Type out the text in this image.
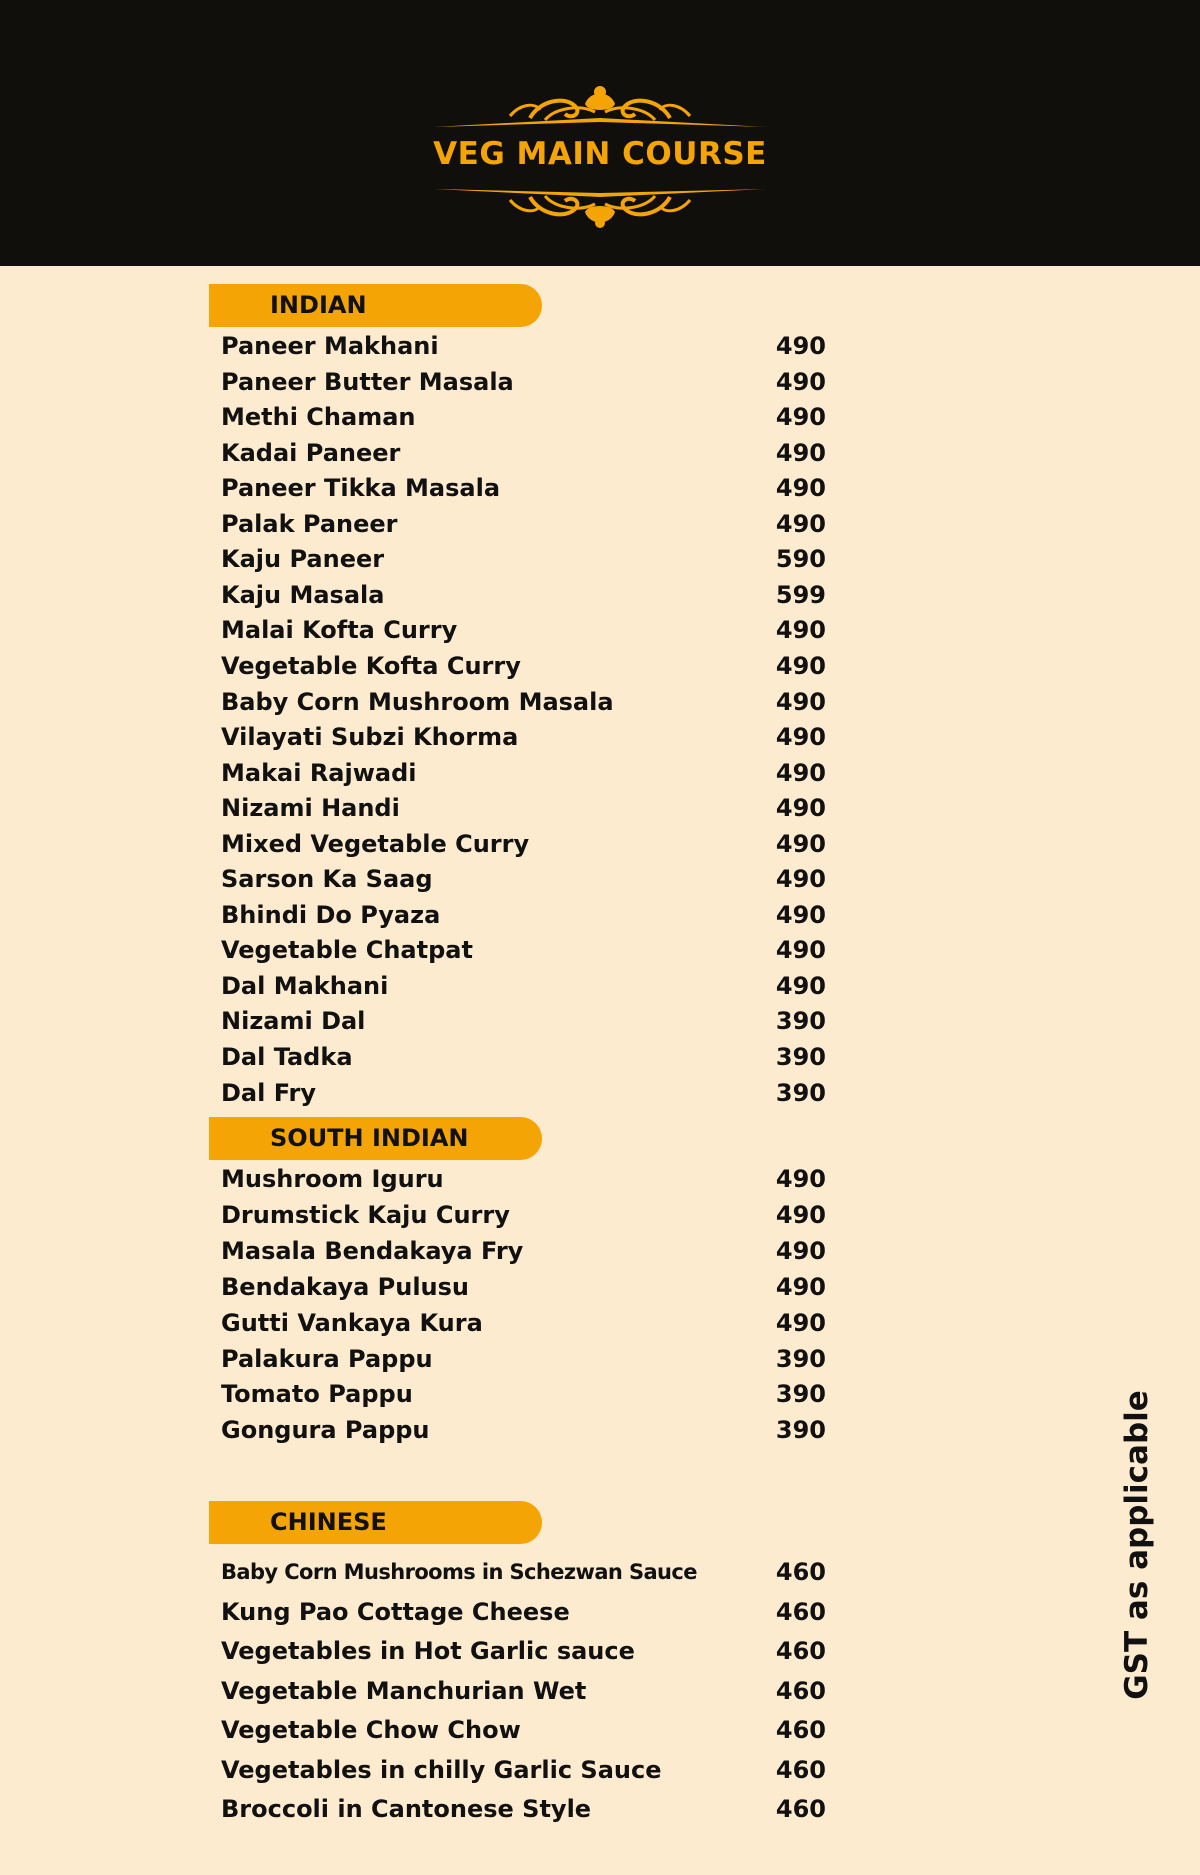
VEG MAIN COURSE
INDIAN
Paneer Makhani	490
Paneer Butter Masala	490
Methi Chaman	490
Kadai Paneer	490
Paneer Tikka Masala	490
Palak Paneer	490
Kaju Paneer	590
Kaju Masala	599
Malai Kofta Curry	490
Vegetable Kofta Curry	490
Baby Corn Mushroom Masala	490
Vilayati Subzi Khorma	490
Makai Rajwadi	490
Nizami Handi	490
Mixed Vegetable Curry	490
Sarson Ka Saag	490
Bhindi Do Pyaza	490
Vegetable Chatpat	490
Dal Makhani	490
Nizami Dal	390
Dal Tadka	390
Dal Fry	390
SOUTH INDIAN
Mushroom Iguru	490
Drumstick Kaju Curry	490
Masala Bendakaya Fry	490
Bendakaya Pulusu	490
Gutti Vankaya Kura	490
Palakura Pappu	390
Tomato Pappu	390
Gongura Pappu	390
CHINESE
Baby Corn Mushrooms in Schezwan Sauce	460
Kung Pao Cottage Cheese	460
Vegetables in Hot Garlic sauce	460
Vegetable Manchurian Wet	460
Vegetable Chow Chow	460
Vegetables in chilly Garlic Sauce	460
Broccoli in Cantonese Style	460
GST as applicable
